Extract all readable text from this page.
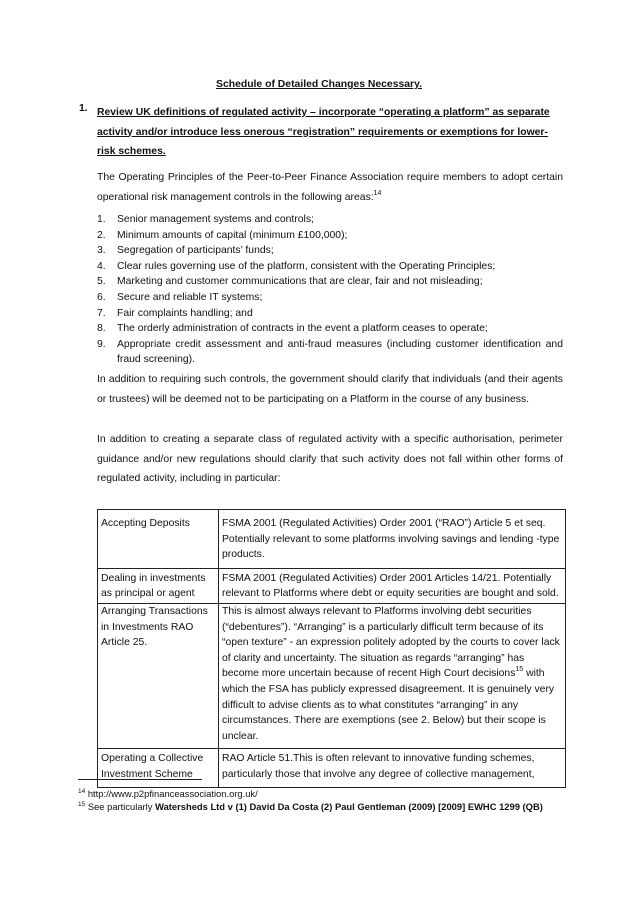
Schedule of Detailed Changes Necessary.
1. Review UK definitions of regulated activity – incorporate “operating a platform” as separate activity and/or introduce less onerous “registration” requirements or exemptions for lower-risk schemes.
The Operating Principles of the Peer-to-Peer Finance Association require members to adopt certain operational risk management controls in the following areas:$^{14}$
1. Senior management systems and controls;
2. Minimum amounts of capital (minimum £100,000);
3. Segregation of participants’ funds;
4. Clear rules governing use of the platform, consistent with the Operating Principles;
5. Marketing and customer communications that are clear, fair and not misleading;
6. Secure and reliable IT systems;
7. Fair complaints handling; and
8. The orderly administration of contracts in the event a platform ceases to operate;
9. Appropriate credit assessment and anti-fraud measures (including customer identification and fraud screening).
In addition to requiring such controls, the government should clarify that individuals (and their agents or trustees) will be deemed not to be participating on a Platform in the course of any business.
In addition to creating a separate class of regulated activity with a specific authorisation, perimeter guidance and/or new regulations should clarify that such activity does not fall within other forms of regulated activity, including in particular:
Accepting Deposits	FSMA 2001 (Regulated Activities) Order 2001 (“RAO”) Article 5 et seq. Potentially relevant to some platforms involving savings and lending -type products.
Dealing in investments as principal or agent	FSMA 2001 (Regulated Activities) Order 2001 Articles 14/21. Potentially relevant to Platforms where debt or equity securities are bought and sold.
Arranging Transactions in Investments RAO Article 25.	This is almost always relevant to Platforms involving debt securities (“debentures”). “Arranging” is a particularly difficult term because of its “open texture” - an expression politely adopted by the courts to cover lack of clarity and uncertainty. The situation as regards “arranging” has become more uncertain because of recent High Court decisions$^{15}$ with which the FSA has publicly expressed disagreement. It is genuinely very difficult to advise clients as to what constitutes “arranging” in any circumstances. There are exemptions (see 2. Below) but their scope is unclear.
Operating a Collective Investment Scheme	RAO Article 51.This is often relevant to innovative funding schemes, particularly those that involve any degree of collective management,
$^{14}$ http://www.p2pfinanceassociation.org.uk/
$^{15}$ See particularly Watersheds Ltd v (1) David Da Costa (2) Paul Gentleman (2009) [2009] EWHC 1299 (QB)
